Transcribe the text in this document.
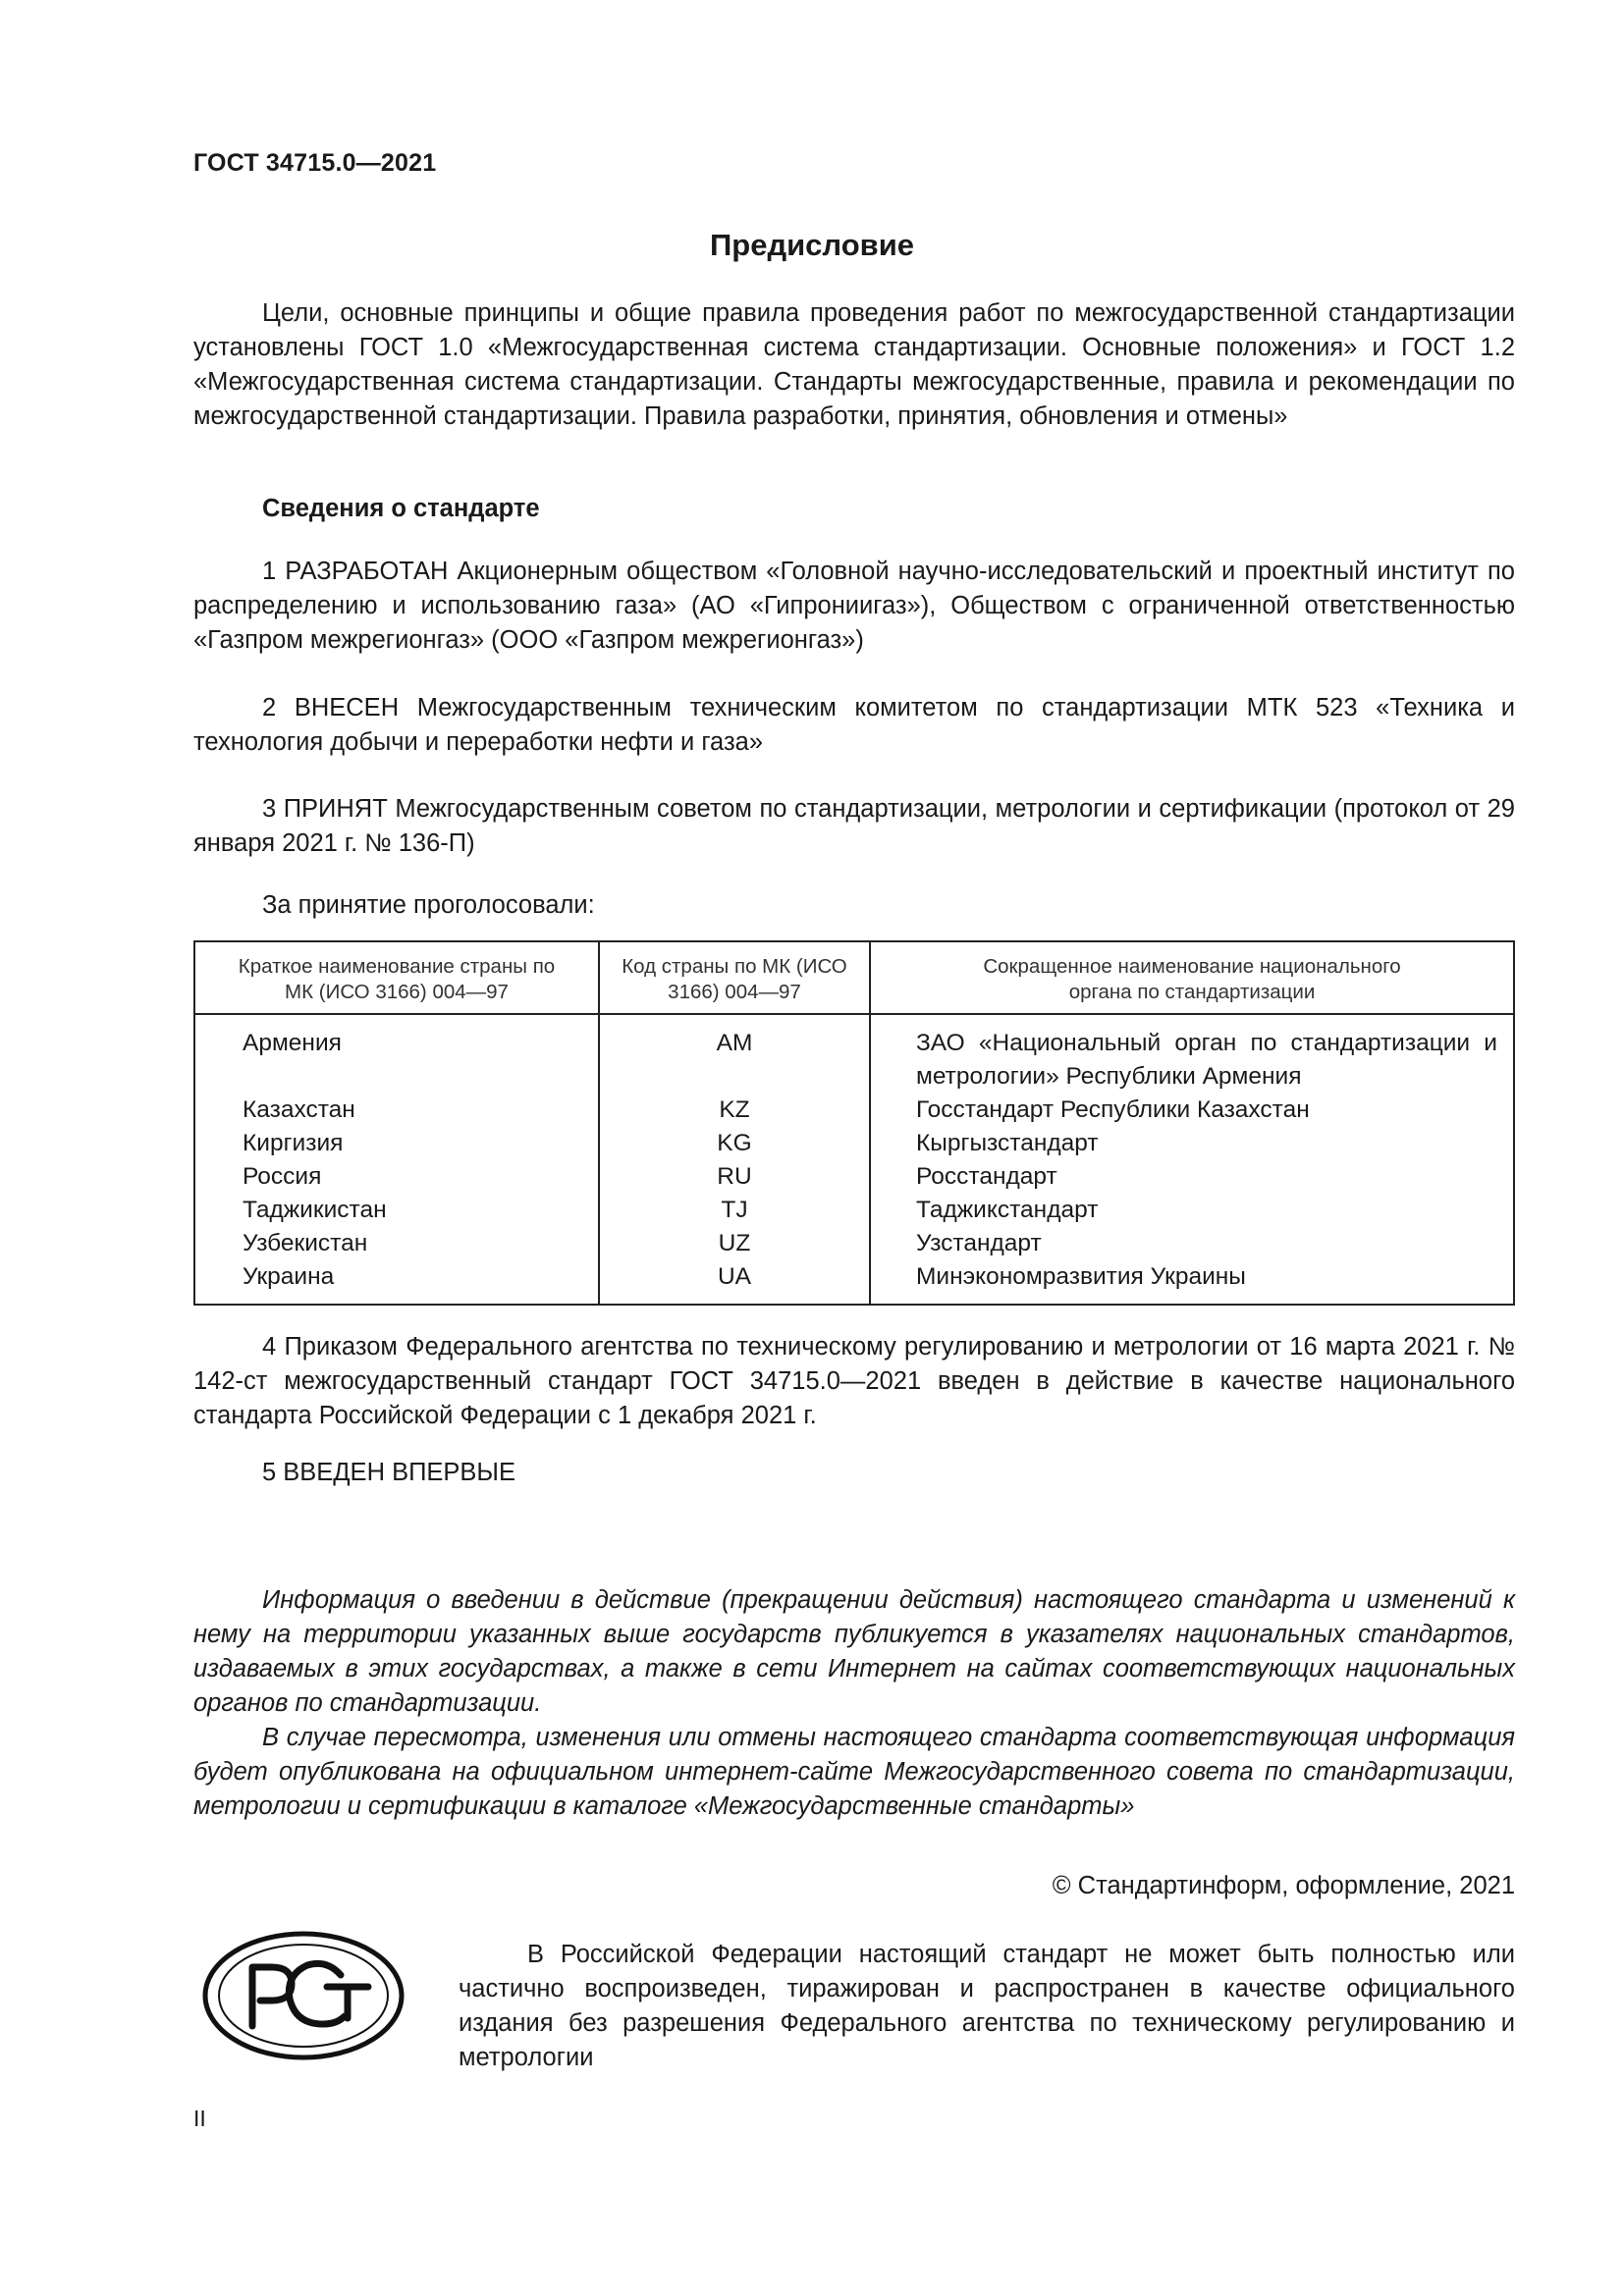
ГОСТ 34715.0—2021
Предисловие

Цели, основные принципы и общие правила проведения работ по межгосударственной стандартизации установлены ГОСТ 1.0 «Межгосударственная система стандартизации. Основные положения» и ГОСТ 1.2 «Межгосударственная система стандартизации. Стандарты межгосударственные, правила и рекомендации по межгосударственной стандартизации. Правила разработки, принятия, обновления и отмены»

Сведения о стандарте

1 РАЗРАБОТАН Акционерным обществом «Головной научно-исследовательский и проектный институт по распределению и использованию газа» (АО «Гипрониигаз»), Обществом с ограниченной ответственностью «Газпром межрегионгаз» (ООО «Газпром межрегионгаз»)

2 ВНЕСЕН Межгосударственным техническим комитетом по стандартизации МТК 523 «Техника и технология добычи и переработки нефти и газа»

3 ПРИНЯТ Межгосударственным советом по стандартизации, метрологии и сертификации (протокол от 29 января 2021 г. № 136-П)

За принятие проголосовали:
Краткое наименование страны по МК (ИСО 3166) 004—97	Код страны по МК (ИСО 3166) 004—97	Сокращенное наименование национального органа по стандартизации
Армения	AM	ЗАО «Национальный орган по стандартизации и метрологии» Республики Армения
Казахстан	KZ	Госстандарт Республики Казахстан
Киргизия	KG	Кыргызстандарт
Россия	RU	Росстандарт
Таджикистан	TJ	Таджикстандарт
Узбекистан	UZ	Узстандарт
Украина	UA	Минэкономразвития Украины

4 Приказом Федерального агентства по техническому регулированию и метрологии от 16 марта 2021 г. № 142-ст межгосударственный стандарт ГОСТ 34715.0—2021 введен в действие в качестве национального стандарта Российской Федерации с 1 декабря 2021 г.

5 ВВЕДЕН ВПЕРВЫЕ

Информация о введении в действие (прекращении действия) настоящего стандарта и изменений к нему на территории указанных выше государств публикуется в указателях национальных стандартов, издаваемых в этих государствах, а также в сети Интернет на сайтах соответствующих национальных органов по стандартизации.

В случае пересмотра, изменения или отмены настоящего стандарта соответствующая информация будет опубликована на официальном интернет-сайте Межгосударственного совета по стандартизации, метрологии и сертификации в каталоге «Межгосударственные стандарты»

© Стандартинформ, оформление, 2021

В Российской Федерации настоящий стандарт не может быть полностью или частично воспроизведен, тиражирован и распространен в качестве официального издания без разрешения Федерального агентства по техническому регулированию и метрологии

II
